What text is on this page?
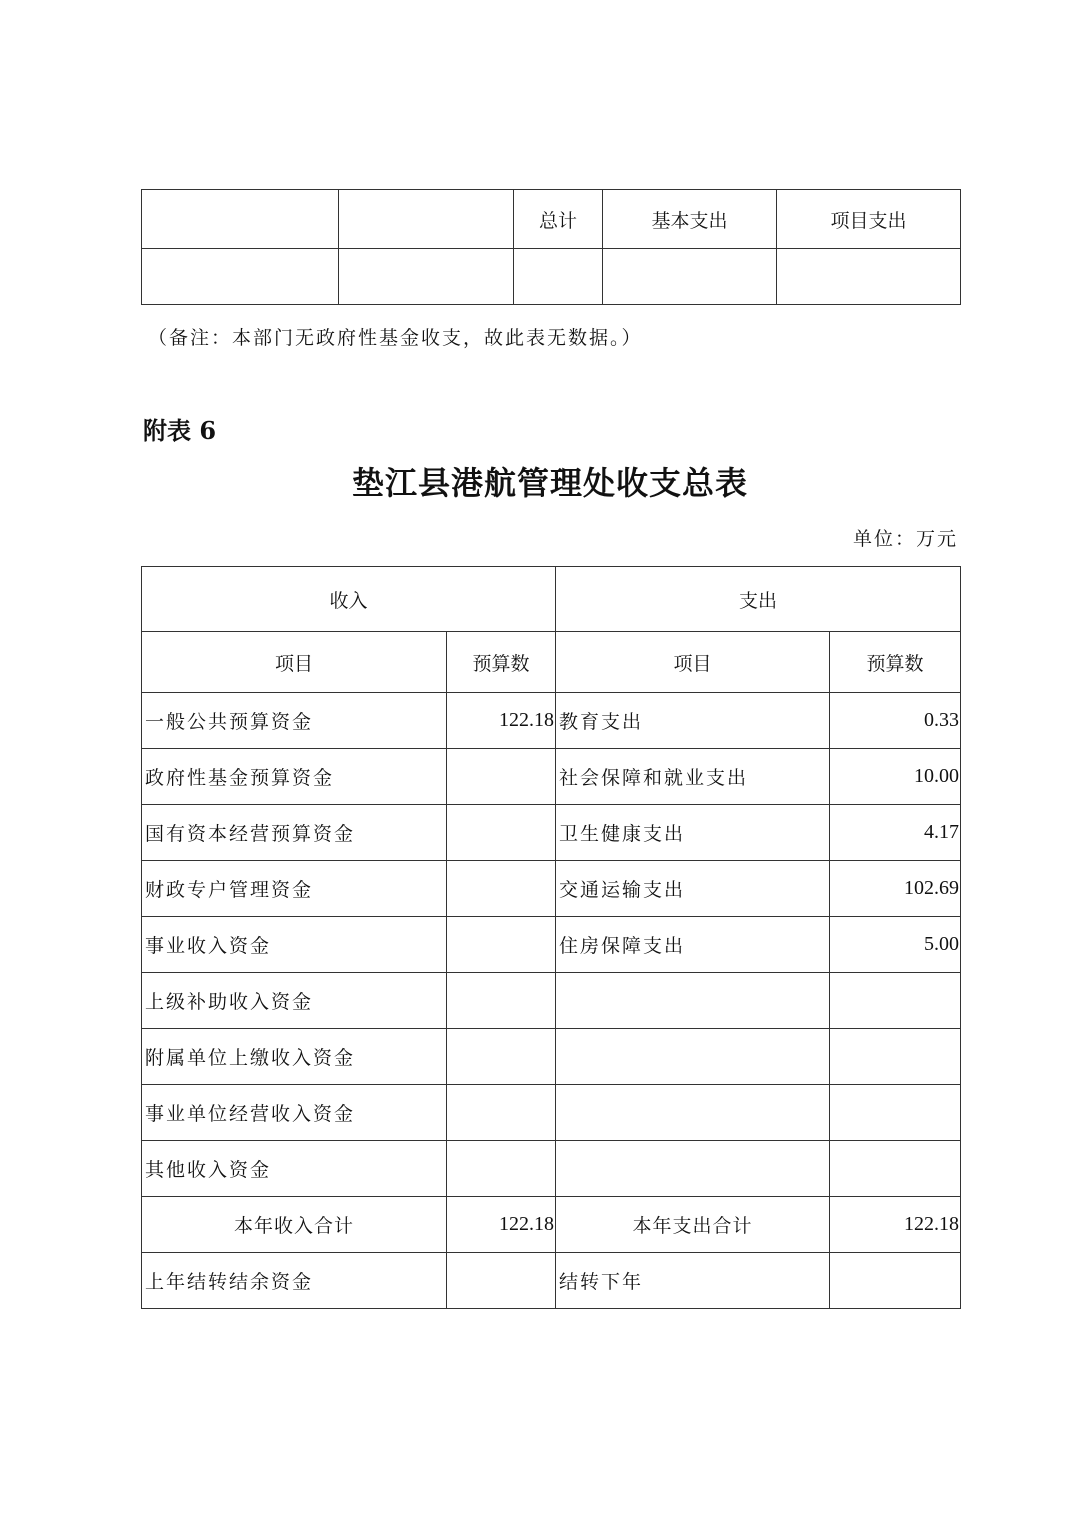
		总计	基本支出	项目支出

（备注：本部门无政府性基金收支，故此表无数据。）
附表 6
垫江县港航管理处收支总表
单位：万元
收入		支出	
项目	预算数	项目	预算数
一般公共预算资金	122.18	教育支出	0.33
政府性基金预算资金		社会保障和就业支出	10.00
国有资本经营预算资金		卫生健康支出	4.17
财政专户管理资金		交通运输支出	102.69
事业收入资金		住房保障支出	5.00
上级补助收入资金			
附属单位上缴收入资金			
事业单位经营收入资金			
其他收入资金			
本年收入合计	122.18	本年支出合计	122.18
上年结转结余资金		结转下年	
